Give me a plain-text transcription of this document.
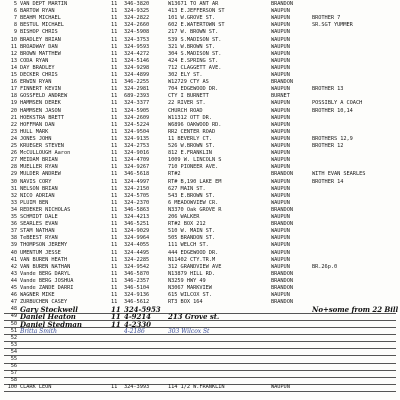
5 VAN DEPT MARTIN	11	346-3820	W13671 TO ANT AR	BRANDON
6 BARTOW RYAN	11	324-9325	413 E.JEFFERSON ST	WAUPUN
7 BEAHM MICHAEL	11	324-2822	101 W.GROVE ST.	WAUPUN	BROTHER 7
8 BESTUL MICHAEL	11	324-2660	602 E.WATERTOWN ST	WAUPUN	SR.SGT YUMMER
9 BISHOP CHRIS	11	324-5908	217 W. BROWN ST.	WAUPUN
10 BRADLEY BRIAN	11	324-3753	539 S.MADISON ST.	WAUPUN
11 BROADWAY DAN	11	324-9593	321 W.BROWN ST.	WAUPUN
12 BROWN MATTHEW	11	324-4272	304 S.MADISON ST.	WAUPUN
13 CODA RYAN	11	324-5146	424 E.SPRING ST.	WAUPUN
14 DAY BRADLEY	11	324-9298	712 CLAGGETT AVE.	WAUPUN
15 DECKER CHRIS	11	324-4899	302 ELY ST.	WAUPUN
16 ERWIN RYAN	11	346-2255	W12729 CTY AS	BRANDON
17 FINNERT KEVIN	11	324-2981	704 EDGEWOOD DR.	WAUPUN	BROTHER 13
18 GOSSFELD ANDREW	11	689-2393	CTY I BURNETT	BURNET
19 HAMMSEN DEREK	11	324-3377	22 RIVER ST.	WAUPUN	POSSIBLY A COACH
20 HAMMSEN JASON	11	324-5905	CHURCH ROAD	WAUPUN	BROTHER 10,14
21 HOEKSTRA BRETT	11	324-2609	W11312 OTT DR.	WAUPUN
22 HOFFMAN DAN	11	324-5224	W6896 OAKWOOD RD.	WAUPUN
23 HULL MARK	11	324-9504	RR2 CENTER ROAD	WAUPUN
24 JONES JOHN	11	324-9135	11 BEVERLY CT.	WAUPUN	BROTHERS 12,9
25 KRUEGER STEVEN	11	324-2753	526 W.BROWN ST.	WAUPUN	BROTHER 12
26 McCULLOUGH Aaron	11	324-9016	812 E.FRANKLIN	WAUPUN
27 MEIDAM BRIAN	11	324-4709	1009 W. LINCOLN S	WAUPUN
28 MUELLER RYAN	11	324-9267	710 PIONEER AVE.	WAUPUN
29 MULDER ANDREW	11	346-5618	RT#2	BRANDON	WITH EVAN SEARLES
30 NAVIS CORY	11	324-4997	RT# B,190 LAKE EM	WAUPUN	BROTHER 14
31 NELSON BRIAN	11	324-2150	627 MAIN ST.	WAUPUN
32 NICO ADRIAN	11	324-5705	543 E.BROWN ST.	WAUPUN
33 PLUIM BEN	11	324-2370	6 MEADOWVIEW CR.	WAUPUN
34 REDEKER NICHOLAS	11	346-5863	N3370 Oak GROVE R	BRANDON
35 SCHMIDT DALE	11	324-4213	206 WALKER	WAUPUN
36 SEARLES EVAN	11	346-5251	RT#2 BOX 212	BRANDON
37 STAM NATHAN	11	324-9029	510 W. MAIN ST.	WAUPUN
38 TeBEEST RYAN	11	324-9964	505 BRANDON ST.	WAUPUN
39 THOMPSON JEREMY	11	324-4055	111 WELCH ST.	WAUPUN
40 UMENTUM JESSE	11	324-4495	444 EDGEWOOD DR.	WAUPUN
41 VAN BUREN HEATH	11	324-2285	N11402 CTY.TR.M	WAUPUN
42 VAN BUREN NATHAN	11	324-9542	312 GRANDVIEW AVE	WAUPUN	BR.26p.0
43 Vande BERG DARYL	11	346-5870	N13879 HILL RD.	BRANDON
44 Vande BERG JOSHUA	11	346-2357	N3259 HWY 49	BRANDON
45 Vande ZANDE DARRI	11	346-5104	N3067 MARKVIEW	BRANDON
46 WAGNER MIKE	11	324-9136	615 WILCOX ST.	WAUPUN
47 ZURBUCHEN CASEY	11	346-5612	RT3 BOX 164	BRANDON
48 Gary Stockwell	11 324-5953	No+some from 22 Bill
49 Daniel Heaton	11 4-9214	213 Grove st.
50 Daniel Stedman	11 4-2330
51 Britta Smith	4-2186	303 Wilcox St
52
53
54
55
56
57
58
100 CLARK LEON	11	324-3993	114 1/2 W.FRANKLIN	WAUPUN
